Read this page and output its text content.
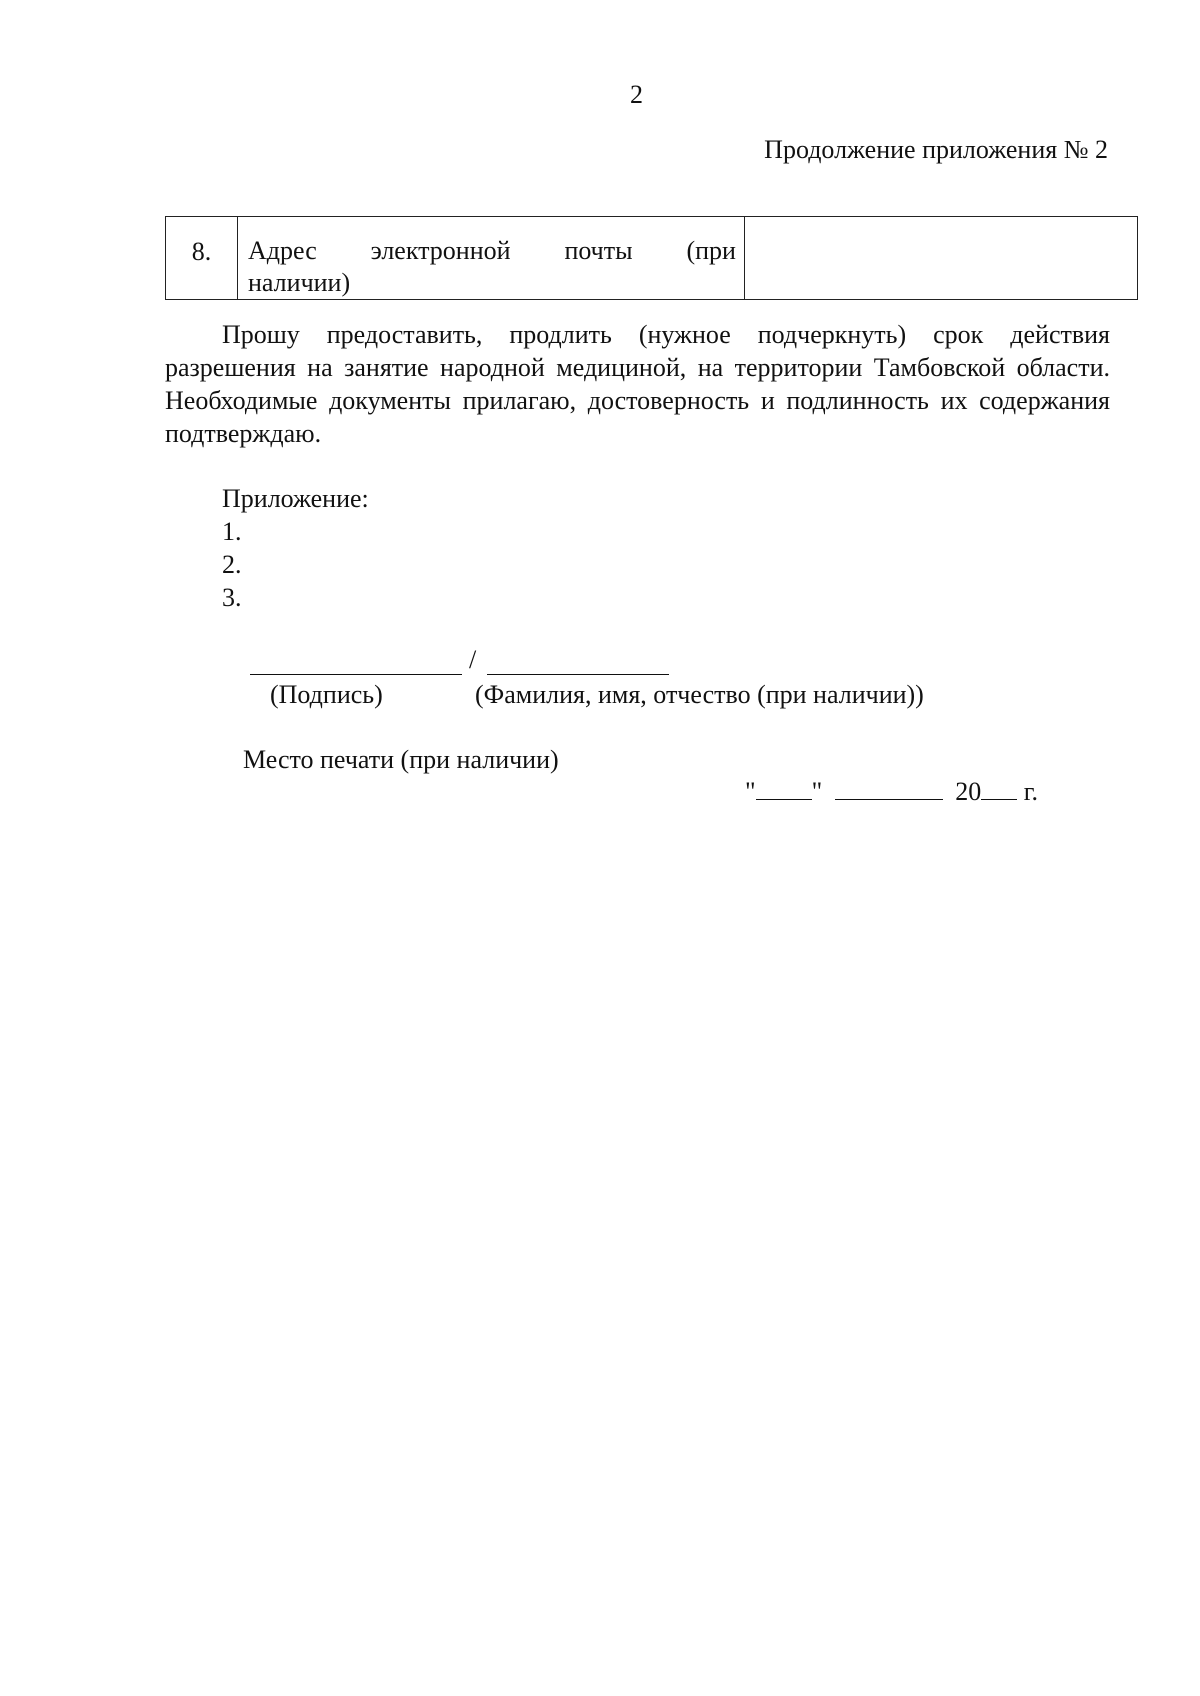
2
Продолжение приложения № 2
8.	Адрес электронной почты (при
наличии)

Прошу предоставить, продлить (нужное подчеркнуть) срок действия разрешения на занятие народной медициной, на территории Тамбовской области. Необходимые документы прилагаю, достоверность и подлинность их содержания подтверждаю.
Приложение:
1.
2.
3.
/
(Подпись)	(Фамилия, имя, отчество (при наличии))
Место печати (при наличии)
" "	20 г.
